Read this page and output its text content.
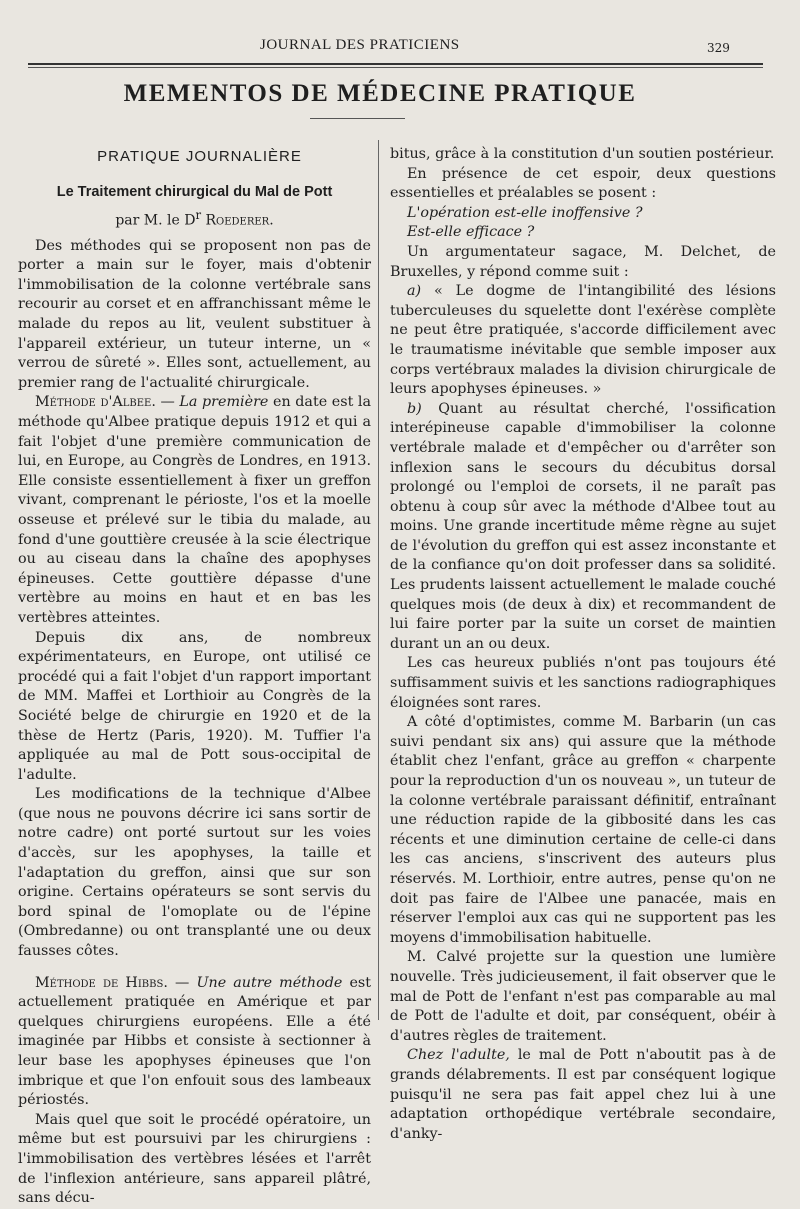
JOURNAL DES PRATICIENS	329
MEMENTOS DE MÉDECINE PRATIQUE
PRATIQUE JOURNALIÈRE
Le Traitement chirurgical du Mal de Pott
par M. le $D^r$ Roederer.

Des méthodes qui se proposent non pas de porter a main sur le foyer, mais d'obtenir l'immobilisation de la colonne vertébrale sans recourir au corset et en affranchissant même le malade du repos au lit, veulent substituer à l'appareil extérieur, un tuteur interne, un « verrou de sûreté ». Elles sont, actuellement, au premier rang de l'actualité chirurgicale.

Méthode d'Albee. — La première en date est la méthode qu'Albee pratique depuis 1912 et qui a fait l'objet d'une première communication de lui, en Europe, au Congrès de Londres, en 1913. Elle consiste essentiellement à fixer un greffon vivant, comprenant le périoste, l'os et la moelle osseuse et prélevé sur le tibia du malade, au fond d'une gouttière creusée à la scie électrique ou au ciseau dans la chaîne des apophyses épineuses. Cette gouttière dépasse d'une vertèbre au moins en haut et en bas les vertèbres atteintes.

Depuis dix ans, de nombreux expérimentateurs, en Europe, ont utilisé ce procédé qui a fait l'objet d'un rapport important de MM. Maffei et Lorthioir au Congrès de la Société belge de chirurgie en 1920 et de la thèse de Hertz (Paris, 1920). M. Tuffier l'a appliquée au mal de Pott sous-occipital de l'adulte.

Les modifications de la technique d'Albee (que nous ne pouvons décrire ici sans sortir de notre cadre) ont porté surtout sur les voies d'accès, sur les apophyses, la taille et l'adaptation du greffon, ainsi que sur son origine. Certains opérateurs se sont servis du bord spinal de l'omoplate ou de l'épine (Ombredanne) ou ont transplanté une ou deux fausses côtes.

Méthode de Hibbs. — Une autre méthode est actuellement pratiquée en Amérique et par quelques chirurgiens européens. Elle a été imaginée par Hibbs et consiste à sectionner à leur base les apophyses épineuses que l'on imbrique et que l'on enfouit sous des lambeaux périostés.

Mais quel que soit le procédé opératoire, un même but est poursuivi par les chirurgiens : l'immobilisation des vertèbres lésées et l'arrêt de l'inflexion antérieure, sans appareil plâtré, sans décu-

bitus, grâce à la constitution d'un soutien postérieur.

En présence de cet espoir, deux questions essentielles et préalables se posent :

L'opération est-elle inoffensive ?
Est-elle efficace ?

Un argumentateur sagace, M. Delchet, de Bruxelles, y répond comme suit :

a) « Le dogme de l'intangibilité des lésions tuberculeuses du squelette dont l'exérèse complète ne peut être pratiquée, s'accorde difficilement avec le traumatisme inévitable que semble imposer aux corps vertébraux malades la division chirurgicale de leurs apophyses épineuses. »

b) Quant au résultat cherché, l'ossification interépineuse capable d'immobiliser la colonne vertébrale malade et d'empêcher ou d'arrêter son inflexion sans le secours du décubitus dorsal prolongé ou l'emploi de corsets, il ne paraît pas obtenu à coup sûr avec la méthode d'Albee tout au moins. Une grande incertitude même règne au sujet de l'évolution du greffon qui est assez inconstante et de la confiance qu'on doit professer dans sa solidité. Les prudents laissent actuellement le malade couché quelques mois (de deux à dix) et recommandent de lui faire porter par la suite un corset de maintien durant un an ou deux.

Les cas heureux publiés n'ont pas toujours été suffisamment suivis et les sanctions radiographiques éloignées sont rares.

A côté d'optimistes, comme M. Barbarin (un cas suivi pendant six ans) qui assure que la méthode établit chez l'enfant, grâce au greffon « charpente pour la reproduction d'un os nouveau », un tuteur de la colonne vertébrale paraissant définitif, entraînant une réduction rapide de la gibbosité dans les cas récents et une diminution certaine de celle-ci dans les cas anciens, s'inscrivent des auteurs plus réservés. M. Lorthioir, entre autres, pense qu'on ne doit pas faire de l'Albee une panacée, mais en réserver l'emploi aux cas qui ne supportent pas les moyens d'immobilisation habituelle.

M. Calvé projette sur la question une lumière nouvelle. Très judicieusement, il fait observer que le mal de Pott de l'enfant n'est pas comparable au mal de Pott de l'adulte et doit, par conséquent, obéir à d'autres règles de traitement.

Chez l'adulte, le mal de Pott n'aboutit pas à de grands délabrements. Il est par conséquent logique puisqu'il ne sera pas fait appel chez lui à une adaptation orthopédique vertébrale secondaire, d'anky-
